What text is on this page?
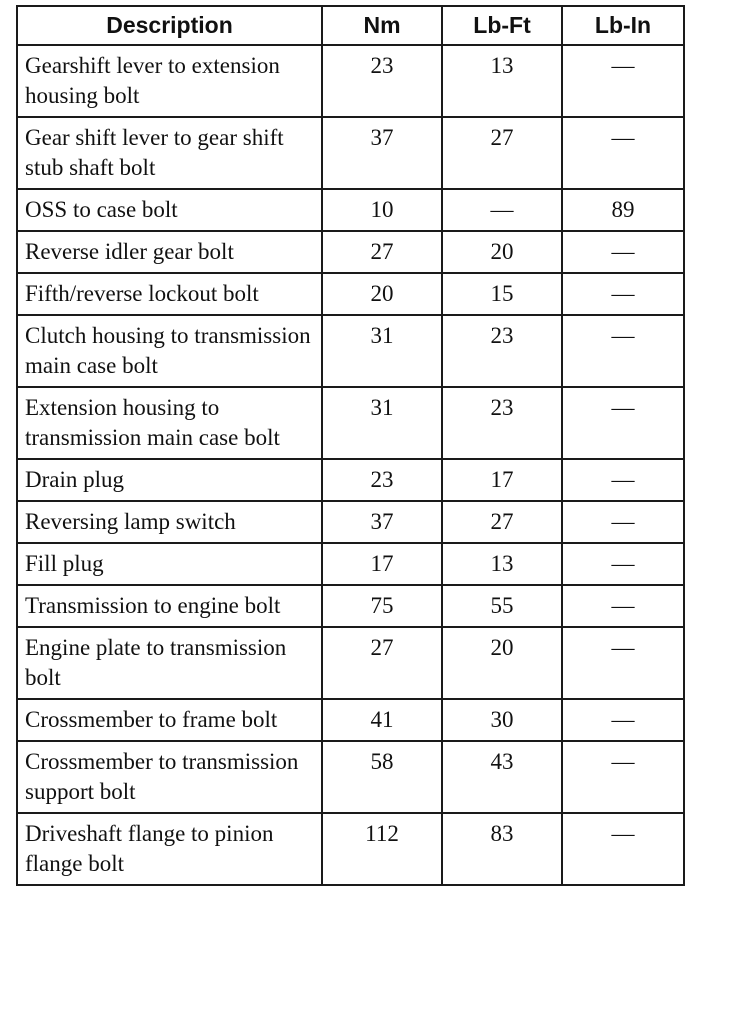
Description	Nm	Lb-Ft	Lb-In
Gearshift lever to extension housing bolt	23	13	—
Gear shift lever to gear shift stub shaft bolt	37	27	—
OSS to case bolt	10	—	89
Reverse idler gear bolt	27	20	—
Fifth/reverse lockout bolt	20	15	—
Clutch housing to transmission main case bolt	31	23	—
Extension housing to transmission main case bolt	31	23	—
Drain plug	23	17	—
Reversing lamp switch	37	27	—
Fill plug	17	13	—
Transmission to engine bolt	75	55	—
Engine plate to transmission bolt	27	20	—
Crossmember to frame bolt	41	30	—
Crossmember to transmission support bolt	58	43	—
Driveshaft flange to pinion flange bolt	112	83	—
